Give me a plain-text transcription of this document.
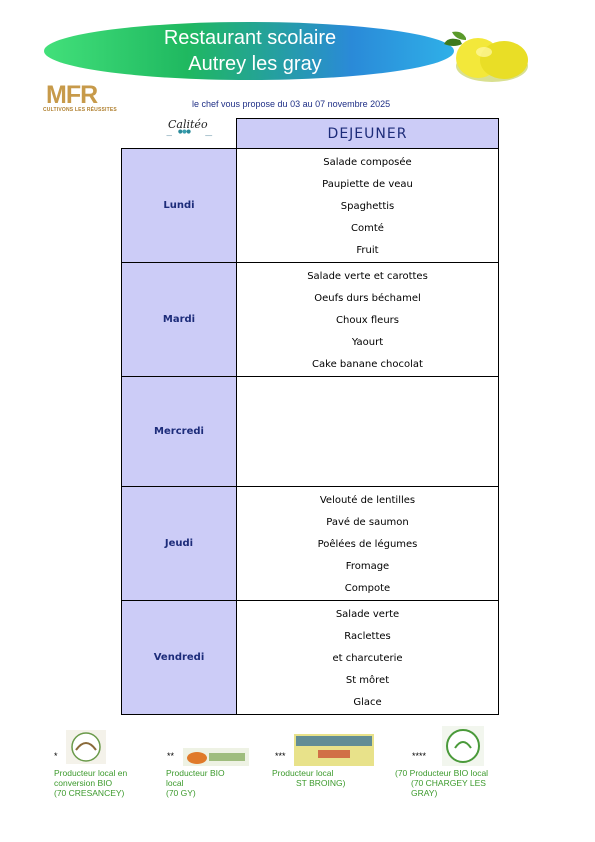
Restaurant scolaire
Autrey les gray
MFR
CULTIVONS LES RÉUSSITES
le chef vous propose du 03 au 07 novembre 2025
Calitéo
	DEJEUNER
Lundi	Salade composée
Paupiette de veau
Spaghettis
Comté
Fruit

Mardi	Salade verte et carottes
Oeufs durs béchamel
Choux fleurs
Yaourt
Cake banane chocolat

Mercredi	
Jeudi	Velouté de lentilles
Pavé de saumon
Poêlées de légumes
Fromage
Compote

Vendredi	Salade verte
Raclettes
et charcuterie
St môret
Glace
*
Producteur local en
conversion BIO
(70 CRESANCEY)
**
Producteur BIO
local
(70 GY)
***
Producteur local
ST BROING)
****
(70 Producteur BIO local
(70 CHARGEY LES
GRAY)
